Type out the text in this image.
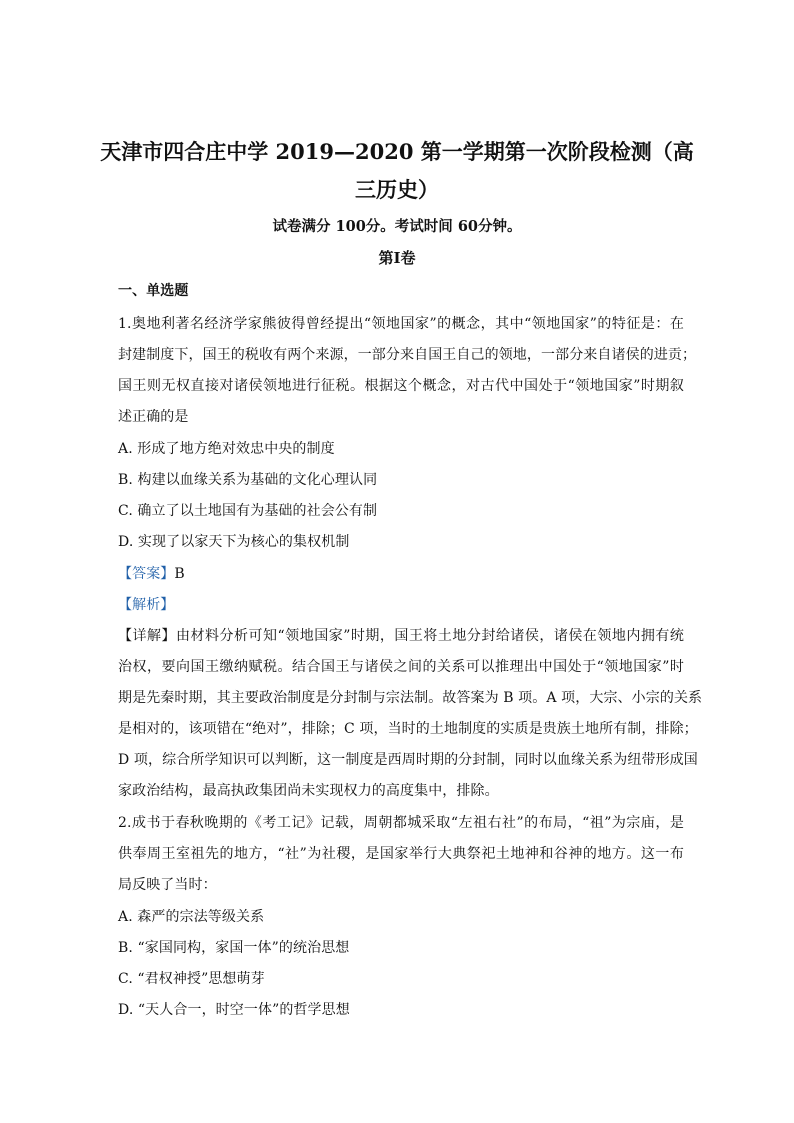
天津市四合庄中学 2019—2020 第一学期第一次阶段检测（高
三历史）
试卷满分 100分。考试时间 60分钟。
第Ⅰ卷
一、单选题
1.奥地利著名经济学家熊彼得曾经提出“领地国家”的概念，其中“领地国家”的特征是：在
封建制度下，国王的税收有两个来源，一部分来自国王自己的领地，一部分来自诸侯的进贡；
国王则无权直接对诸侯领地进行征税。根据这个概念，对古代中国处于“领地国家”时期叙
述正确的是
A. 形成了地方绝对效忠中央的制度
B. 构建以血缘关系为基础的文化心理认同
C. 确立了以土地国有为基础的社会公有制
D. 实现了以家天下为核心的集权机制
【答案】B
【解析】
【详解】由材料分析可知“领地国家”时期，国王将土地分封给诸侯，诸侯在领地内拥有统
治权，要向国王缴纳赋税。结合国王与诸侯之间的关系可以推理出中国处于“领地国家”时
期是先秦时期，其主要政治制度是分封制与宗法制。故答案为 B 项。A 项，大宗、小宗的关系
是相对的，该项错在“绝对”，排除；C 项，当时的土地制度的实质是贵族土地所有制，排除；
D 项，综合所学知识可以判断，这一制度是西周时期的分封制，同时以血缘关系为纽带形成国
家政治结构，最高执政集团尚未实现权力的高度集中，排除。
2.成书于春秋晚期的《考工记》记载，周朝都城采取“左祖右社”的布局，“祖”为宗庙，是
供奉周王室祖先的地方，“社”为社稷，是国家举行大典祭祀土地神和谷神的地方。这一布
局反映了当时：
A. 森严的宗法等级关系
B. “家国同构，家国一体”的统治思想
C. “君权神授”思想萌芽
D. “天人合一，时空一体”的哲学思想
